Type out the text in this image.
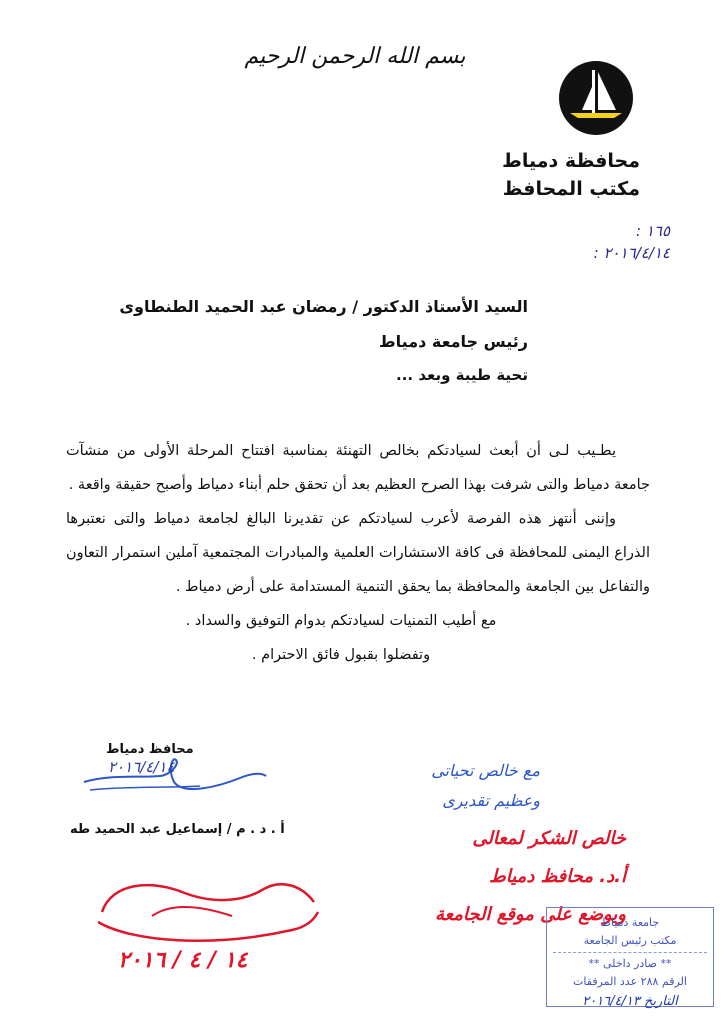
بسم الله الرحمن الرحيم
محافظة دمياط
مكتب المحافظ
١٦٥ :
٢٠١٦/٤/١٤ :
السيد الأستاذ الدكتور / رمضان عبد الحميد الطنطاوى
رئيس جامعة دمياط
تحية طيبة وبعد ...

يطـيب لـى أن أبعث لسيادتكم بخالص التهنئة بمناسبة افتتاح المرحلة الأولى من منشآت جامعة دمياط والتى شرفت بهذا الصرح العظيم بعد أن تحقق حلم أبناء دمياط وأصبح حقيقة واقعة .

وإننى أنتهز هذه الفرصة لأعرب لسيادتكم عن تقديرنا البالغ لجامعة دمياط والتى نعتبرها الذراع اليمنى للمحافظة فى كافة الاستشارات العلمية والمبادرات المجتمعية آملين استمرار التعاون والتفاعل بين الجامعة والمحافظة بما يحقق التنمية المستدامة على أرض دمياط .

مع أطيب التمنيات لسيادتكم بدوام التوفيق والسداد .

وتفضلوا بقبول فائق الاحترام .

محافظ دمياط
٢٠١٦/٤/١٤
أ . د . م / إسماعيل عبد الحميد طه
مع خالص تحياتى
وعظيم تقديرى
خالص الشكر لمعالى
أ.د. محافظ دمياط
ويوضع على موقع الجامعة
١٤ / ٤ / ٢٠١٦
جامعة دمياط
مكتب رئيس الجامعة
** صادر داخلى **
الرقم ٢٨٨ عدد المرفقات
التاريخ ٢٠١٦/٤/١٣
